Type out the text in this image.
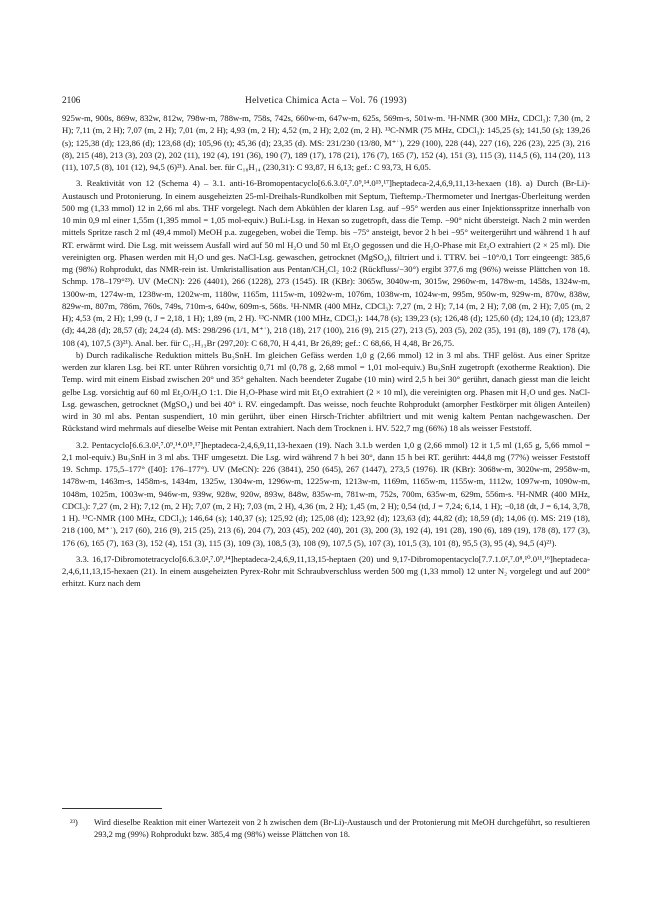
2106	Helvetica Chimica Acta – Vol. 76 (1993)

925w-m, 900s, 869w, 832w, 812w, 798w-m, 788w-m, 758s, 742s, 660w-m, 647w-m, 625s, 569m-s, 501w-m. ¹H-NMR (300 MHz, CDCl₃): 7,30 (m, 2 H); 7,11 (m, 2 H); 7,07 (m, 2 H); 7,01 (m, 2 H); 4,93 (m, 2 H); 4,52 (m, 2 H); 2,02 (m, 2 H). ¹³C-NMR (75 MHz, CDCl₃): 145,25 (s); 141,50 (s); 139,26 (s); 125,38 (d); 123,86 (d); 123,68 (d); 105,96 (t); 45,36 (d); 23,35 (d). MS: 231/230 (13/80, M⁺˙), 229 (100), 228 (44), 227 (16), 226 (23), 225 (3), 216 (8), 215 (48), 213 (3), 203 (2), 202 (11), 192 (4), 191 (36), 190 (7), 189 (17), 178 (21), 176 (7), 165 (7), 152 (4), 151 (3), 115 (3), 114,5 (6), 114 (20), 113 (11), 107,5 (8), 101 (12), 94,5 (6)²¹). Anal. ber. für C₁₈H₁₄ (230,31): C 93,87, H 6,13; gef.: C 93,73, H 6,05.

3. Reaktivität von 12 (Schema 4) – 3.1. anti-16-Bromopentacyclo[6.6.3.0²,⁷.0⁹,¹⁴.0¹⁵,¹⁷]heptadeca-2,4,6,9,11,13-hexaen (18). a) Durch (Br-Li)-Austausch und Protonierung. In einem ausgeheizten 25-ml-Dreihals-Rundkolben mit Septum, Tieftemp.-Thermometer und Inertgas-Überleitung werden 500 mg (1,33 mmol) 12 in 2,66 ml abs. THF vorgelegt. Nach dem Abkühlen der klaren Lsg. auf −95° werden aus einer Injektionsspritze innerhalb von 10 min 0,9 ml einer 1,55m (1,395 mmol = 1,05 mol-equiv.) BuLi-Lsg. in Hexan so zugetropft, dass die Temp. −90° nicht übersteigt. Nach 2 min werden mittels Spritze rasch 2 ml (49,4 mmol) MeOH p.a. zugegeben, wobei die Temp. bis −75° ansteigt, bevor 2 h bei −95° weitergerührt und während 1 h auf RT. erwärmt wird. Die Lsg. mit weissem Ausfall wird auf 50 ml H₂O und 50 ml Et₂O gegossen und die H₂O-Phase mit Et₂O extrahiert (2 × 25 ml). Die vereinigten org. Phasen werden mit H₂O und ges. NaCl-Lsg. gewaschen, getrocknet (MgSO₄), filtriert und i. TTRV. bei −10°/0,1 Torr eingeengt: 385,6 mg (98%) Rohprodukt, das NMR-rein ist. Umkristallisation aus Pentan/CH₂Cl₂ 10:2 (Rückfluss/−30°) ergibt 377,6 mg (96%) weisse Plättchen von 18. Schmp. 178–179°²³). UV (MeCN): 226 (4401), 266 (1228), 273 (1545). IR (KBr): 3065w, 3040w-m, 3015w, 2960w-m, 1478w-m, 1458s, 1324w-m, 1300w-m, 1274w-m, 1238w-m, 1202w-m, 1180w, 1165m, 1115w-m, 1092w-m, 1076m, 1038w-m, 1024w-m, 995m, 950w-m, 929w-m, 870w, 838w, 829w-m, 807m, 786m, 760s, 749s, 710m-s, 640w, 609m-s, 568s. ¹H-NMR (400 MHz, CDCl₃): 7,27 (m, 2 H); 7,14 (m, 2 H); 7,08 (m, 2 H); 7,05 (m, 2 H); 4,53 (m, 2 H); 1,99 (t, J = 2,18, 1 H); 1,89 (m, 2 H). ¹³C-NMR (100 MHz, CDCl₃): 144,78 (s); 139,23 (s); 126,48 (d); 125,60 (d); 124,10 (d); 123,87 (d); 44,28 (d); 28,57 (d); 24,24 (d). MS: 298/296 (1/1, M⁺˙), 218 (18), 217 (100), 216 (9), 215 (27), 213 (5), 203 (5), 202 (35), 191 (8), 189 (7), 178 (4), 108 (4), 107,5 (3)²¹). Anal. ber. für C₁₇H₁₃Br (297,20): C 68,70, H 4,41, Br 26,89; gef.: C 68,66, H 4,48, Br 26,75.

b) Durch radikalische Reduktion mittels Bu₃SnH. Im gleichen Gefäss werden 1,0 g (2,66 mmol) 12 in 3 ml abs. THF gelöst. Aus einer Spritze werden zur klaren Lsg. bei RT. unter Rühren vorsichtig 0,71 ml (0,78 g, 2,68 mmol = 1,01 mol-equiv.) Bu₃SnH zugetropft (exotherme Reaktion). Die Temp. wird mit einem Eisbad zwischen 20° und 35° gehalten. Nach beendeter Zugabe (10 min) wird 2,5 h bei 30° gerührt, danach giesst man die leicht gelbe Lsg. vorsichtig auf 60 ml Et₂O/H₂O 1:1. Die H₂O-Phase wird mit Et₂O extrahiert (2 × 10 ml), die vereinigten org. Phasen mit H₂O und ges. NaCl-Lsg. gewaschen, getrocknet (MgSO₄) und bei 40° i. RV. eingedampft. Das weisse, noch feuchte Rohprodukt (amorpher Festkörper mit öligen Anteilen) wird in 30 ml abs. Pentan suspendiert, 10 min gerührt, über einen Hirsch-Trichter abfiltriert und mit wenig kaltem Pentan nachgewaschen. Der Rückstand wird mehrmals auf dieselbe Weise mit Pentan extrahiert. Nach dem Trocknen i. HV. 522,7 mg (66%) 18 als weisser Feststoff.

3.2. Pentacyclo[6.6.3.0²,⁷.0⁹,¹⁴.0¹⁵,¹⁷]heptadeca-2,4,6,9,11,13-hexaen (19). Nach 3.1.b werden 1,0 g (2,66 mmol) 12 it 1,5 ml (1,65 g, 5,66 mmol = 2,1 mol-equiv.) Bu₃SnH in 3 ml abs. THF umgesetzt. Die Lsg. wird während 7 h bei 30°, dann 15 h bei RT. gerührt: 444,8 mg (77%) weisser Feststoff 19. Schmp. 175,5–177° ([40]: 176–177°). UV (MeCN): 226 (3841), 250 (645), 267 (1447), 273,5 (1976). IR (KBr): 3068w-m, 3020w-m, 2958w-m, 1478w-m, 1463m-s, 1458m-s, 1434m, 1325w, 1304w-m, 1296w-m, 1225w-m, 1213w-m, 1169m, 1165w-m, 1155w-m, 1112w, 1097w-m, 1090w-m, 1048m, 1025m, 1003w-m, 946w-m, 939w, 928w, 920w, 893w, 848w, 835w-m, 781w-m, 752s, 700m, 635w-m, 629m, 556m-s. ¹H-NMR (400 MHz, CDCl₃): 7,27 (m, 2 H); 7,12 (m, 2 H); 7,07 (m, 2 H); 7,03 (m, 2 H), 4,36 (m, 2 H); 1,45 (m, 2 H); 0,54 (td, J = 7,24; 6,14, 1 H); −0,18 (dt, J = 6,14, 3,78, 1 H). ¹³C-NMR (100 MHz, CDCl₃); 146,64 (s); 140,37 (s); 125,92 (d); 125,08 (d); 123,92 (d); 123,63 (d); 44,82 (d); 18,59 (d); 14,06 (t). MS: 219 (18), 218 (100, M⁺˙), 217 (60), 216 (9), 215 (25), 213 (6), 204 (7), 203 (45), 202 (40), 201 (3), 200 (3), 192 (4), 191 (28), 190 (6), 189 (19), 178 (8), 177 (3), 176 (6), 165 (7), 163 (3), 152 (4), 151 (3), 115 (3), 109 (3), 108,5 (3), 108 (9), 107,5 (5), 107 (3), 101,5 (3), 101 (8), 95,5 (3), 95 (4), 94,5 (4)²¹).

3.3. 16,17-Dibromotetracyclo[6.6.3.0²,⁷.0⁹,¹⁴]heptadeca-2,4,6,9,11,13,15-heptaen (20) und 9,17-Dibromopentacyclo[7.7.1.0²,⁷.0⁸,¹⁰.0¹¹,¹⁶]heptadeca-2,4,6,11,13,15-hexaen (21). In einem ausgeheizten Pyrex-Rohr mit Schraubverschluss werden 500 mg (1,33 mmol) 12 unter N₂ vorgelegt und auf 200° erhitzt. Kurz nach dem

²³)	Wird dieselbe Reaktion mit einer Wartezeit von 2 h zwischen dem (Br-Li)-Austausch und der Protonierung mit MeOH durchgeführt, so resultieren 293,2 mg (99%) Rohprodukt bzw. 385,4 mg (98%) weisse Plättchen von 18.
